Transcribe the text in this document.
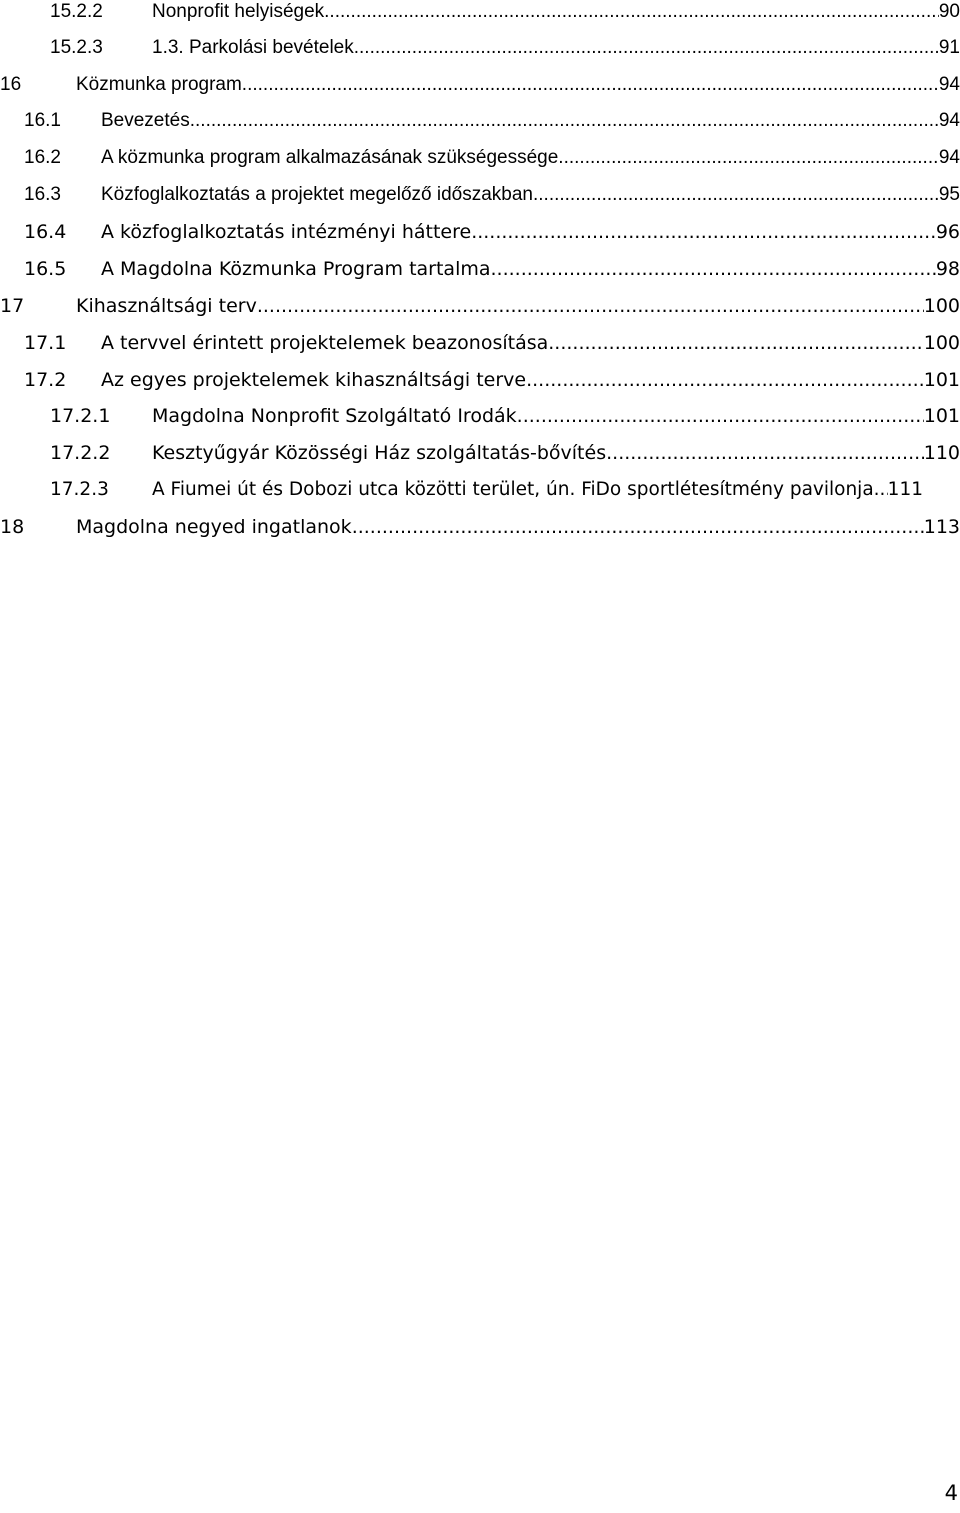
15.2.2	Nonprofit helyiségek .....	90
15.2.3	1.3. Parkolási bevételek .....	91
16	Közmunka program .....	94
16.1 Bevezetés .....	94
16.2 A közmunka program alkalmazásának szükségessége .....	94
16.3 Közfoglalkoztatás a projektet megelőző időszakban .....	95
16.4 A közfoglalkoztatás intézményi háttere .....	96
16.5 A Magdolna Közmunka Program tartalma .....	98
17	Kihasználtsági terv .....	100
17.1 A tervvel érintett projektelemek beazonosítása .....	100
17.2 Az egyes projektelemek kihasználtsági terve .....	101
17.2.1 Magdolna Nonprofit Szolgáltató Irodák .....	101
17.2.2 Kesztyűgyár Közösségi Ház szolgáltatás-bővítés .....	110
17.2.3 A Fiumei út és Dobozi utca közötti terület, ún. FiDo sportlétesítmény pavilonja ..... 111
18	Magdolna negyed ingatlanok .....	113
4
